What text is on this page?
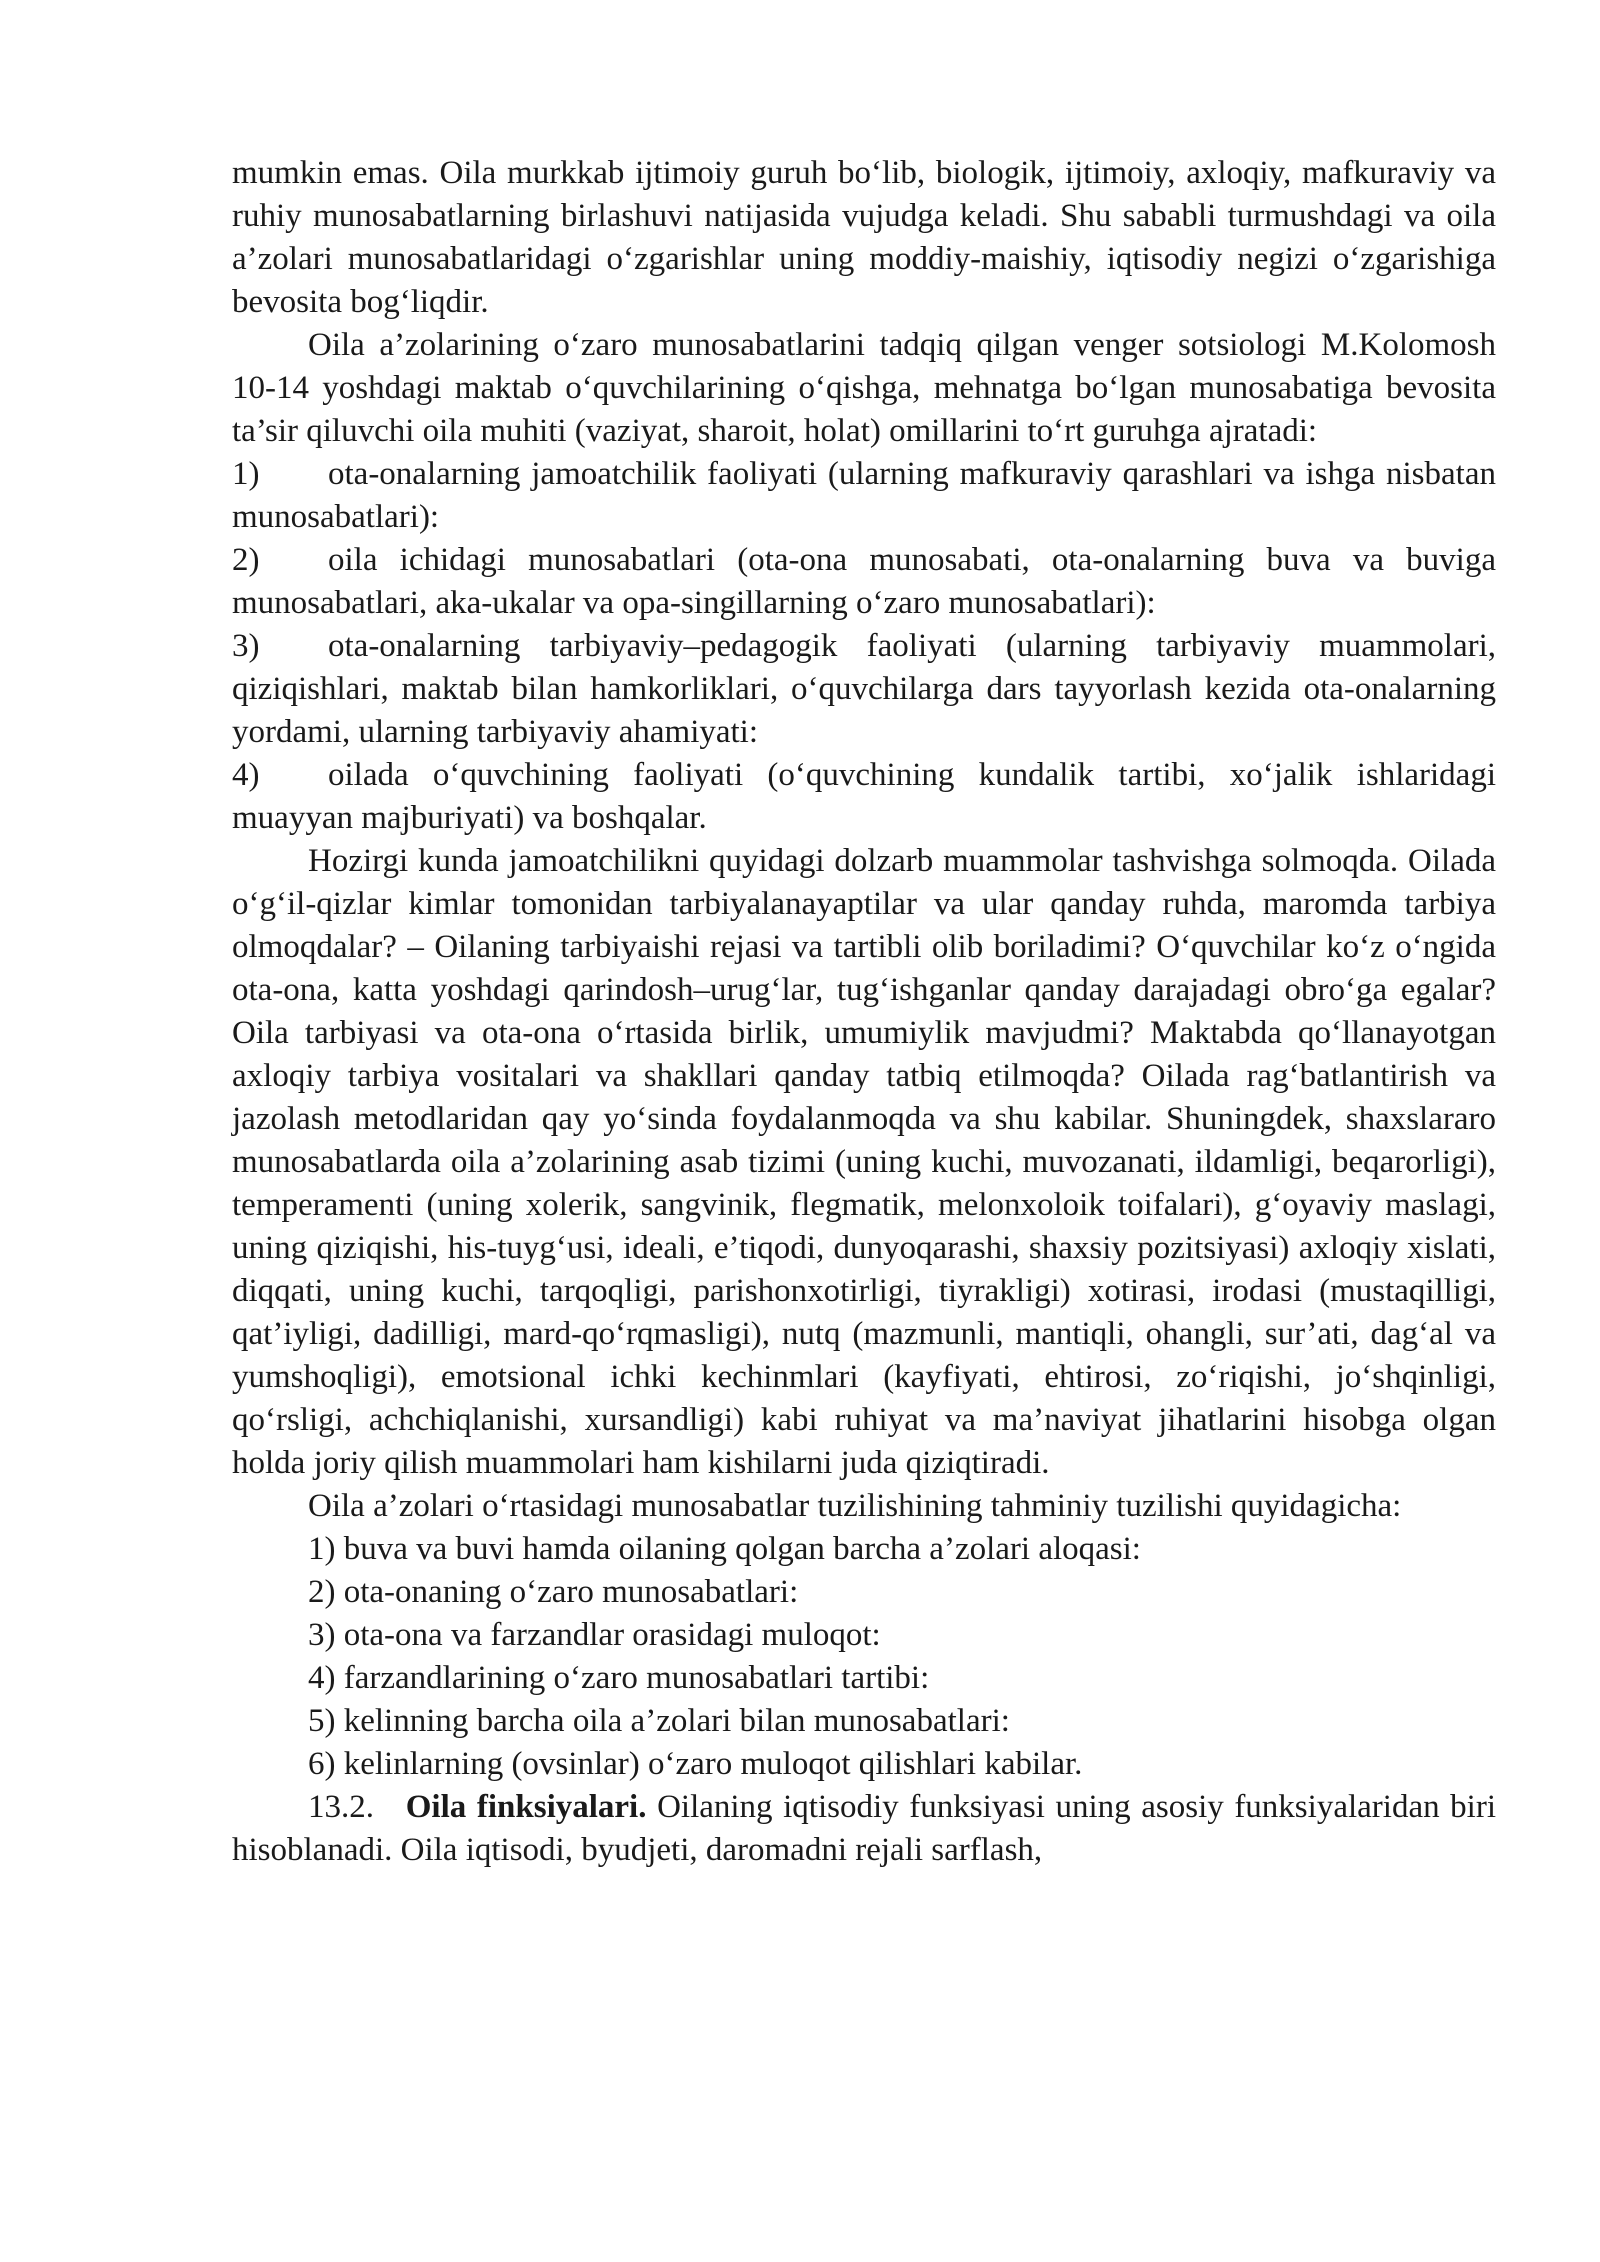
mumkin emas. Oila murkkab ijtimoiy guruh bo‘lib, biologik, ijtimoiy, axloqiy, mafkuraviy va ruhiy munosabatlarning birlashuvi natijasida vujudga keladi. Shu sababli turmushdagi va oila a’zolari munosabatlaridagi o‘zgarishlar uning moddiy-maishiy, iqtisodiy negizi o‘zgarishiga bevosita bog‘liqdir.

Oila a’zolarining o‘zaro munosabatlarini tadqiq qilgan venger sotsiologi M.Kolomosh 10-14 yoshdagi maktab o‘quvchilarining o‘qishga, mehnatga bo‘lgan munosabatiga bevosita ta’sir qiluvchi oila muhiti (vaziyat, sharoit, holat) omillarini to‘rt guruhga ajratadi:

1) ota-onalarning jamoatchilik faoliyati (ularning mafkuraviy qarashlari va ishga nisbatan munosabatlari):

2) oila ichidagi munosabatlari (ota-ona munosabati, ota-onalarning buva va buviga munosabatlari, aka-ukalar va opa-singillarning o‘zaro munosabatlari):

3) ota-onalarning tarbiyaviy–pedagogik faoliyati (ularning tarbiyaviy muammolari, qiziqishlari, maktab bilan hamkorliklari, o‘quvchilarga dars tayyorlash kezida ota-onalarning yordami, ularning tarbiyaviy ahamiyati:

4) oilada o‘quvchining faoliyati (o‘quvchining kundalik tartibi, xo‘jalik ishlaridagi muayyan majburiyati) va boshqalar.

Hozirgi kunda jamoatchilikni quyidagi dolzarb muammolar tashvishga solmoqda. Oilada o‘g‘il-qizlar kimlar tomonidan tarbiyalanayaptilar va ular qanday ruhda, maromda tarbiya olmoqdalar? – Oilaning tarbiyaishi rejasi va tartibli olib boriladimi? O‘quvchilar ko‘z o‘ngida ota-ona, katta yoshdagi qarindosh–urug‘lar, tug‘ishganlar qanday darajadagi obro‘ga egalar? Oila tarbiyasi va ota-ona o‘rtasida birlik, umumiylik mavjudmi? Maktabda qo‘llanayotgan axloqiy tarbiya vositalari va shakllari qanday tatbiq etilmoqda? Oilada rag‘batlantirish va jazolash metodlaridan qay yo‘sinda foydalanmoqda va shu kabilar. Shuningdek, shaxslararo munosabatlarda oila a’zolarining asab tizimi (uning kuchi, muvozanati, ildamligi, beqarorligi), temperamenti (uning xolerik, sangvinik, flegmatik, melonxoloik toifalari), g‘oyaviy maslagi, uning qiziqishi, his-tuyg‘usi, ideali, e’tiqodi, dunyoqarashi, shaxsiy pozitsiyasi) axloqiy xislati, diqqati, uning kuchi, tarqoqligi, parishonxotirligi, tiyrakligi) xotirasi, irodasi (mustaqilligi, qat’iyligi, dadilligi, mard-qo‘rqmasligi), nutq (mazmunli, mantiqli, ohangli, sur’ati, dag‘al va yumshoqligi), emotsional ichki kechinmlari (kayfiyati, ehtirosi, zo‘riqishi, jo‘shqinligi, qo‘rsligi, achchiqlanishi, xursandligi) kabi ruhiyat va ma’naviyat jihatlarini hisobga olgan holda joriy qilish muammolari ham kishilarni juda qiziqtiradi.

Oila a’zolari o‘rtasidagi munosabatlar tuzilishining tahminiy tuzilishi quyidagicha:

1) buva va buvi hamda oilaning qolgan barcha a’zolari aloqasi:

2) ota-onaning o‘zaro munosabatlari:

3) ota-ona va farzandlar orasidagi muloqot:

4) farzandlarining o‘zaro munosabatlari tartibi:

5) kelinning barcha oila a’zolari bilan munosabatlari:

6) kelinlarning (ovsinlar) o‘zaro muloqot qilishlari kabilar.

13.2. Oila finksiyalari. Oilaning iqtisodiy funksiyasi uning asosiy funksiyalaridan biri hisoblanadi. Oila iqtisodi, byudjeti, daromadni rejali sarflash,
